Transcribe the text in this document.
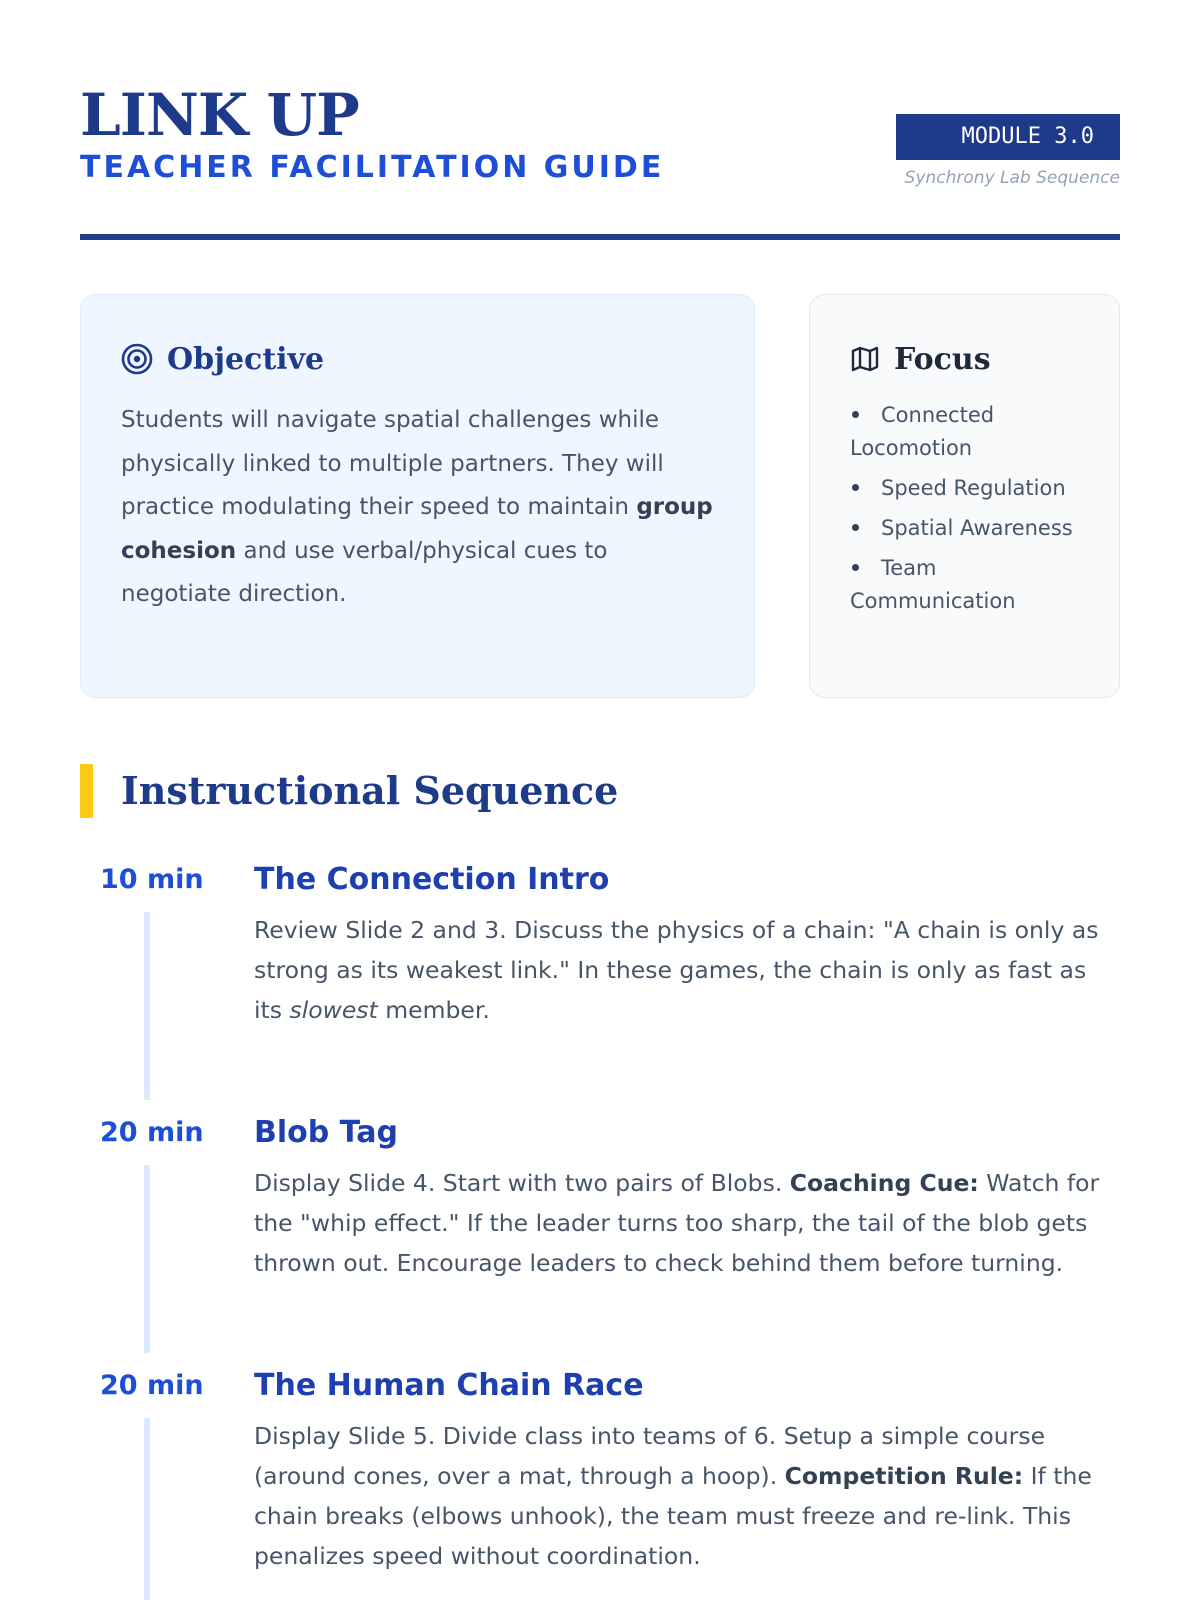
LINK UP
TEACHER FACILITATION GUIDE
MODULE 3.0
Synchrony Lab Sequence
Objective

Students will navigate spatial challenges while physically linked to multiple partners. They will practice modulating their speed to maintain group cohesion and use verbal/physical cues to negotiate direction.

Focus
Connected Locomotion
Speed Regulation
Spatial Awareness
Team Communication
Instructional Sequence
10 min The Connection Intro
Review Slide 2 and 3. Discuss the physics of a chain: "A chain is only as strong as its weakest link." In these games, the chain is only as fast as its slowest member.
20 min Blob Tag
Display Slide 4. Start with two pairs of Blobs. Coaching Cue: Watch for the "whip effect." If the leader turns too sharp, the tail of the blob gets thrown out. Encourage leaders to check behind them before turning.
20 min The Human Chain Race
Display Slide 5. Divide class into teams of 6. Setup a simple course (around cones, over a mat, through a hoop). Competition Rule: If the chain breaks (elbows unhook), the team must freeze and re-link. This penalizes speed without coordination.
